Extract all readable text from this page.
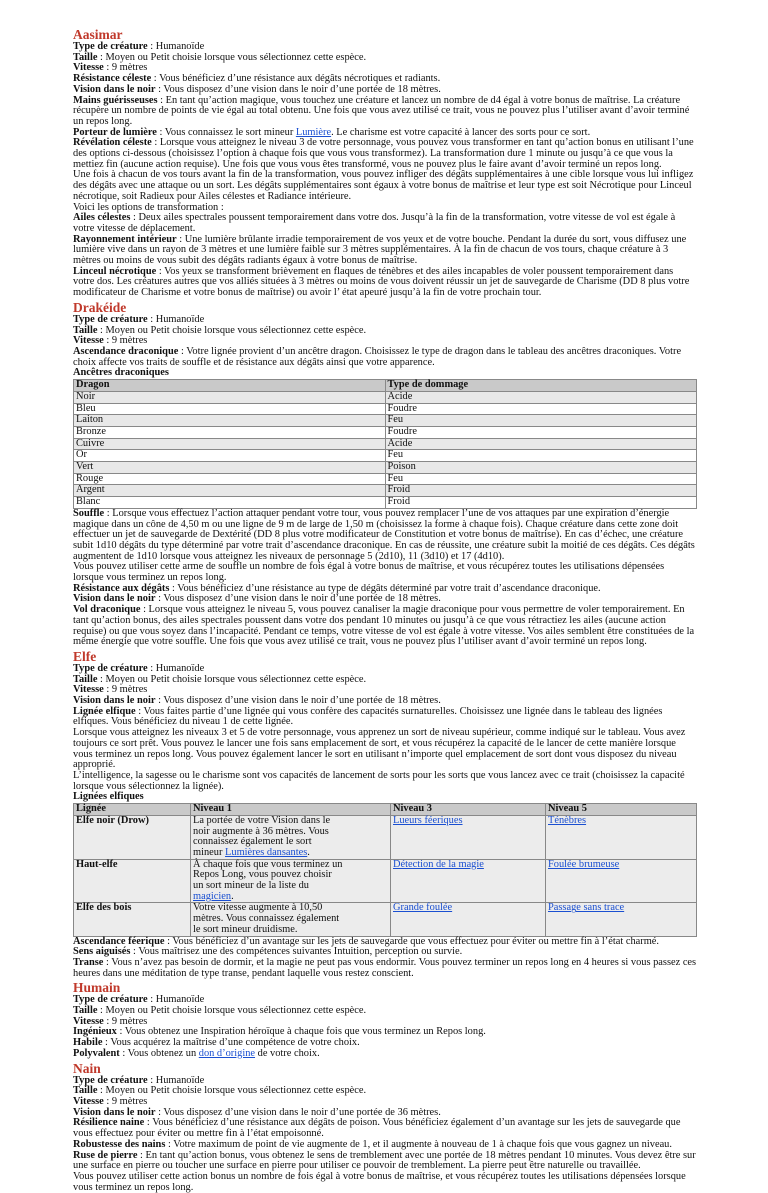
Aasimar

Type de créature : Humanoïde

Taille : Moyen ou Petit choisie lorsque vous sélectionnez cette espèce.

Vitesse : 9 mètres

Résistance céleste : Vous bénéficiez d’une résistance aux dégâts nécrotiques et radiants.

Vision dans le noir : Vous disposez d’une vision dans le noir d’une portée de 18 mètres.

Mains guérisseuses : En tant qu’action magique, vous touchez une créature et lancez un nombre de d4 égal à votre bonus de maîtrise. La créature récupère un nombre de points de vie égal au total obtenu. Une fois que vous avez utilisé ce trait, vous ne pouvez plus l’utiliser avant d’avoir terminé un repos long.

Porteur de lumière : Vous connaissez le sort mineur Lumière. Le charisme est votre capacité à lancer des sorts pour ce sort.

Révélation céleste : Lorsque vous atteignez le niveau 3 de votre personnage, vous pouvez vous transformer en tant qu’action bonus en utilisant l’une des options ci-dessous (choisissez l’option à chaque fois que vous vous transformez). La transformation dure 1 minute ou jusqu’à ce que vous la mettiez fin (aucune action requise). Une fois que vous vous êtes transformé, vous ne pouvez plus le faire avant d’avoir terminé un repos long.

Une fois à chacun de vos tours avant la fin de la transformation, vous pouvez infliger des dégâts supplémentaires à une cible lorsque vous lui infligez des dégâts avec une attaque ou un sort. Les dégâts supplémentaires sont égaux à votre bonus de maîtrise et leur type est soit Nécrotique pour Linceul nécrotique, soit Radieux pour Ailes célestes et Radiance intérieure.

Voici les options de transformation :

Ailes célestes : Deux ailes spectrales poussent temporairement dans votre dos. Jusqu’à la fin de la transformation, votre vitesse de vol est égale à votre vitesse de déplacement.

Rayonnement intérieur : Une lumière brûlante irradie temporairement de vos yeux et de votre bouche. Pendant la durée du sort, vous diffusez une lumière vive dans un rayon de 3 mètres et une lumière faible sur 3 mètres supplémentaires. À la fin de chacun de vos tours, chaque créature à 3 mètres ou moins de vous subit des dégâts radiants égaux à votre bonus de maîtrise.

Linceul nécrotique : Vos yeux se transforment brièvement en flaques de ténèbres et des ailes incapables de voler poussent temporairement dans votre dos. Les créatures autres que vos alliés situées à 3 mètres ou moins de vous doivent réussir un jet de sauvegarde de Charisme (DD 8 plus votre modificateur de Charisme et votre bonus de maîtrise) ou avoir l’ état apeuré jusqu’à la fin de votre prochain tour.

Drakéide

Type de créature : Humanoïde

Taille : Moyen ou Petit choisie lorsque vous sélectionnez cette espèce.

Vitesse : 9 mètres

Ascendance draconique : Votre lignée provient d’un ancêtre dragon. Choisissez le type de dragon dans le tableau des ancêtres draconiques. Votre choix affecte vos traits de souffle et de résistance aux dégâts ainsi que votre apparence.

Ancêtres draconiques

Dragon	Type de dommage
Noir	Acide
Bleu	Foudre
Laiton	Feu
Bronze	Foudre
Cuivre	Acide
Or	Feu
Vert	Poison
Rouge	Feu
Argent	Froid
Blanc	Froid

Souffle : Lorsque vous effectuez l’action attaquer pendant votre tour, vous pouvez remplacer l’une de vos attaques par une expiration d’énergie magique dans un cône de 4,50 m ou une ligne de 9 m de large de 1,50 m (choisissez la forme à chaque fois). Chaque créature dans cette zone doit effectuer un jet de sauvegarde de Dextérité (DD 8 plus votre modificateur de Constitution et votre bonus de maîtrise). En cas d’échec, une créature subit 1d10 dégâts du type déterminé par votre trait d’ascendance draconique. En cas de réussite, une créature subit la moitié de ces dégâts. Ces dégâts augmentent de 1d10 lorsque vous atteignez les niveaux de personnage 5 (2d10), 11 (3d10) et 17 (4d10).

Vous pouvez utiliser cette arme de souffle un nombre de fois égal à votre bonus de maîtrise, et vous récupérez toutes les utilisations dépensées lorsque vous terminez un repos long.

Résistance aux dégâts : Vous bénéficiez d’une résistance au type de dégâts déterminé par votre trait d’ascendance draconique.

Vision dans le noir : Vous disposez d’une vision dans le noir d’une portée de 18 mètres.

Vol draconique : Lorsque vous atteignez le niveau 5, vous pouvez canaliser la magie draconique pour vous permettre de voler temporairement. En tant qu’action bonus, des ailes spectrales poussent dans votre dos pendant 10 minutes ou jusqu’à ce que vous rétractiez les ailes (aucune action requise) ou que vous soyez dans l’incapacité. Pendant ce temps, votre vitesse de vol est égale à votre vitesse. Vos ailes semblent être constituées de la même énergie que votre souffle. Une fois que vous avez utilisé ce trait, vous ne pouvez plus l’utiliser avant d’avoir terminé un repos long.

Elfe

Type de créature : Humanoïde

Taille : Moyen ou Petit choisie lorsque vous sélectionnez cette espèce.

Vitesse : 9 mètres

Vision dans le noir : Vous disposez d’une vision dans le noir d’une portée de 18 mètres.

Lignée elfique : Vous faites partie d’une lignée qui vous confère des capacités surnaturelles. Choisissez une lignée dans le tableau des lignées elfiques. Vous bénéficiez du niveau 1 de cette lignée.

Lorsque vous atteignez les niveaux 3 et 5 de votre personnage, vous apprenez un sort de niveau supérieur, comme indiqué sur le tableau. Vous avez toujours ce sort prêt. Vous pouvez le lancer une fois sans emplacement de sort, et vous récupérez la capacité de le lancer de cette manière lorsque vous terminez un repos long. Vous pouvez également lancer le sort en utilisant n’importe quel emplacement de sort dont vous disposez du niveau approprié.

L’intelligence, la sagesse ou le charisme sont vos capacités de lancement de sorts pour les sorts que vous lancez avec ce trait (choisissez la capacité lorsque vous sélectionnez la lignée).

Lignées elfiques

Lignée	Niveau 1	Niveau 3	Niveau 5
Elfe noir (Drow)	La portée de votre Vision dans le noir augmente à 36 mètres. Vous connaissez également le sort mineur Lumières dansantes.	Lueurs féeriques	Ténèbres
Haut-elfe	À chaque fois que vous terminez un Repos Long, vous pouvez choisir un sort mineur de la liste du magicien.	Détection de la magie	Foulée brumeuse
Elfe des bois	Votre vitesse augmente à 10,50 mètres. Vous connaissez également le sort mineur druidisme.	Grande foulée	Passage sans trace

Ascendance féerique : Vous bénéficiez d’un avantage sur les jets de sauvegarde que vous effectuez pour éviter ou mettre fin à l’état charmé.

Sens aiguisés : Vous maîtrisez une des compétences suivantes Intuition, perception ou survie.

Transe : Vous n’avez pas besoin de dormir, et la magie ne peut pas vous endormir. Vous pouvez terminer un repos long en 4 heures si vous passez ces heures dans une méditation de type transe, pendant laquelle vous restez conscient.

Humain

Type de créature : Humanoïde

Taille : Moyen ou Petit choisie lorsque vous sélectionnez cette espèce.

Vitesse : 9 mètres

Ingénieux : Vous obtenez une Inspiration héroïque à chaque fois que vous terminez un Repos long.

Habile : Vous acquérez la maîtrise d’une compétence de votre choix.

Polyvalent : Vous obtenez un don d’origine de votre choix.

Nain

Type de créature : Humanoïde

Taille : Moyen ou Petit choisie lorsque vous sélectionnez cette espèce.

Vitesse : 9 mètres

Vision dans le noir : Vous disposez d’une vision dans le noir d’une portée de 36 mètres.

Résilience naine : Vous bénéficiez d’une résistance aux dégâts de poison. Vous bénéficiez également d’un avantage sur les jets de sauvegarde que vous effectuez pour éviter ou mettre fin à l’état empoisonné.

Robustesse des nains : Votre maximum de point de vie augmente de 1, et il augmente à nouveau de 1 à chaque fois que vous gagnez un niveau.

Ruse de pierre : En tant qu’action bonus, vous obtenez le sens de tremblement avec une portée de 18 mètres pendant 10 minutes. Vous devez être sur une surface en pierre ou toucher une surface en pierre pour utiliser ce pouvoir de tremblement. La pierre peut être naturelle ou travaillée.

Vous pouvez utiliser cette action bonus un nombre de fois égal à votre bonus de maîtrise, et vous récupérez toutes les utilisations dépensées lorsque vous terminez un repos long.
